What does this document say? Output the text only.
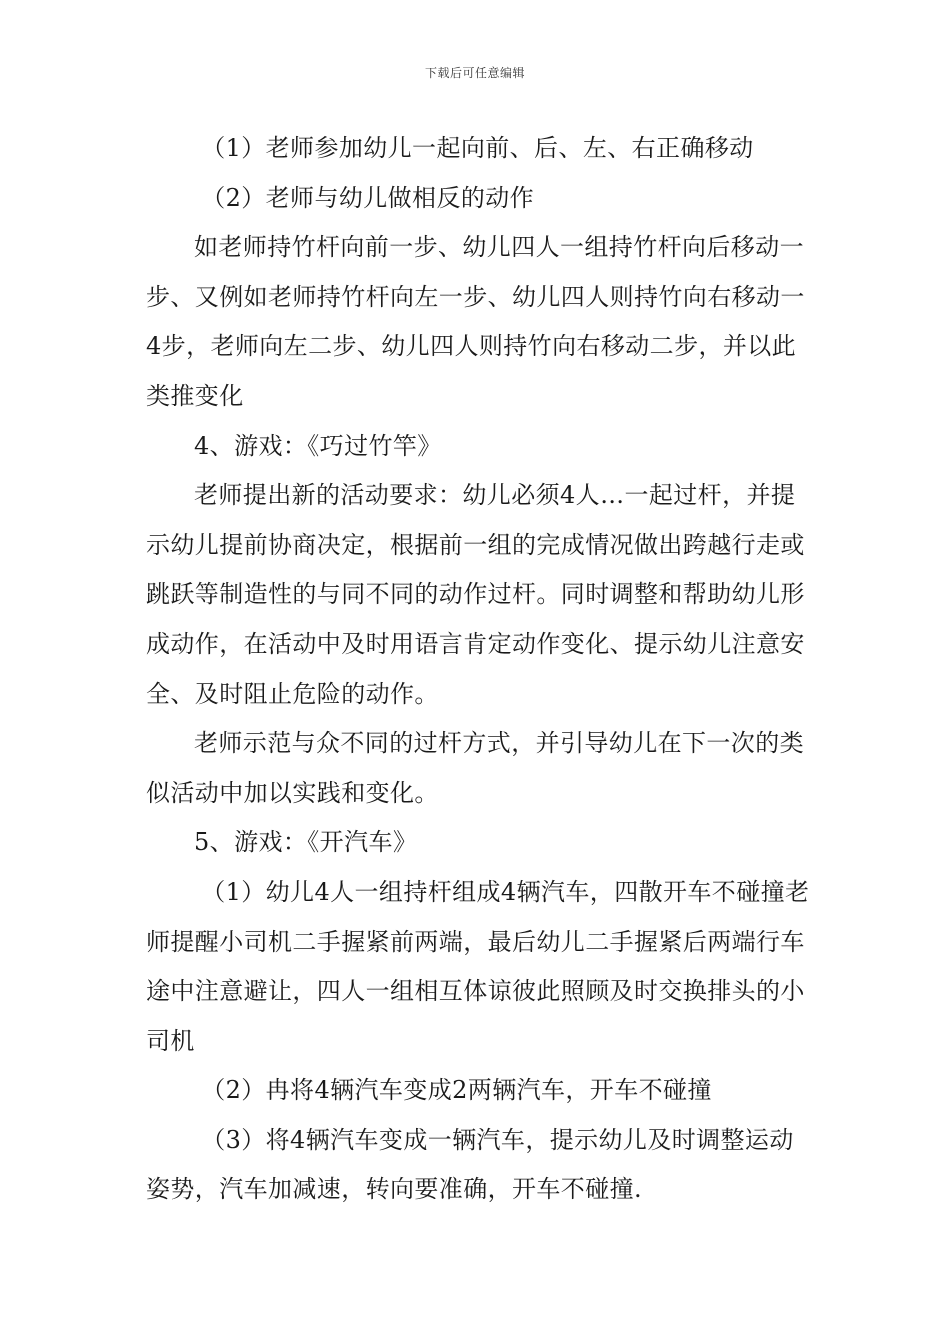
下载后可任意编辑

（1）老师参加幼儿一起向前、后、左、右正确移动

（2）老师与幼儿做相反的动作

如老师持竹杆向前一步、幼儿四人一组持竹杆向后移动一步、又例如老师持竹杆向左一步、幼儿四人则持竹向右移动一4步，老师向左二步、幼儿四人则持竹向右移动二步，并以此类推变化

4、游戏：《巧过竹竿》

老师提出新的活动要求：幼儿必须4人…一起过杆，并提示幼儿提前协商决定，根据前一组的完成情况做出跨越行走或跳跃等制造性的与同不同的动作过杆。同时调整和帮助幼儿形成动作，在活动中及时用语言肯定动作变化、提示幼儿注意安全、及时阻止危险的动作。

老师示范与众不同的过杆方式，并引导幼儿在下一次的类似活动中加以实践和变化。

5、游戏：《开汽车》

（1）幼儿4人一组持杆组成4辆汽车，四散开车不碰撞老师提醒小司机二手握紧前两端，最后幼儿二手握紧后两端行车途中注意避让，四人一组相互体谅彼此照顾及时交换排头的小司机

（2）冉将4辆汽车变成2两辆汽车，开车不碰撞

（3）将4辆汽车变成一辆汽车，提示幼儿及时调整运动姿势，汽车加减速，转向要准确，开车不碰撞.
